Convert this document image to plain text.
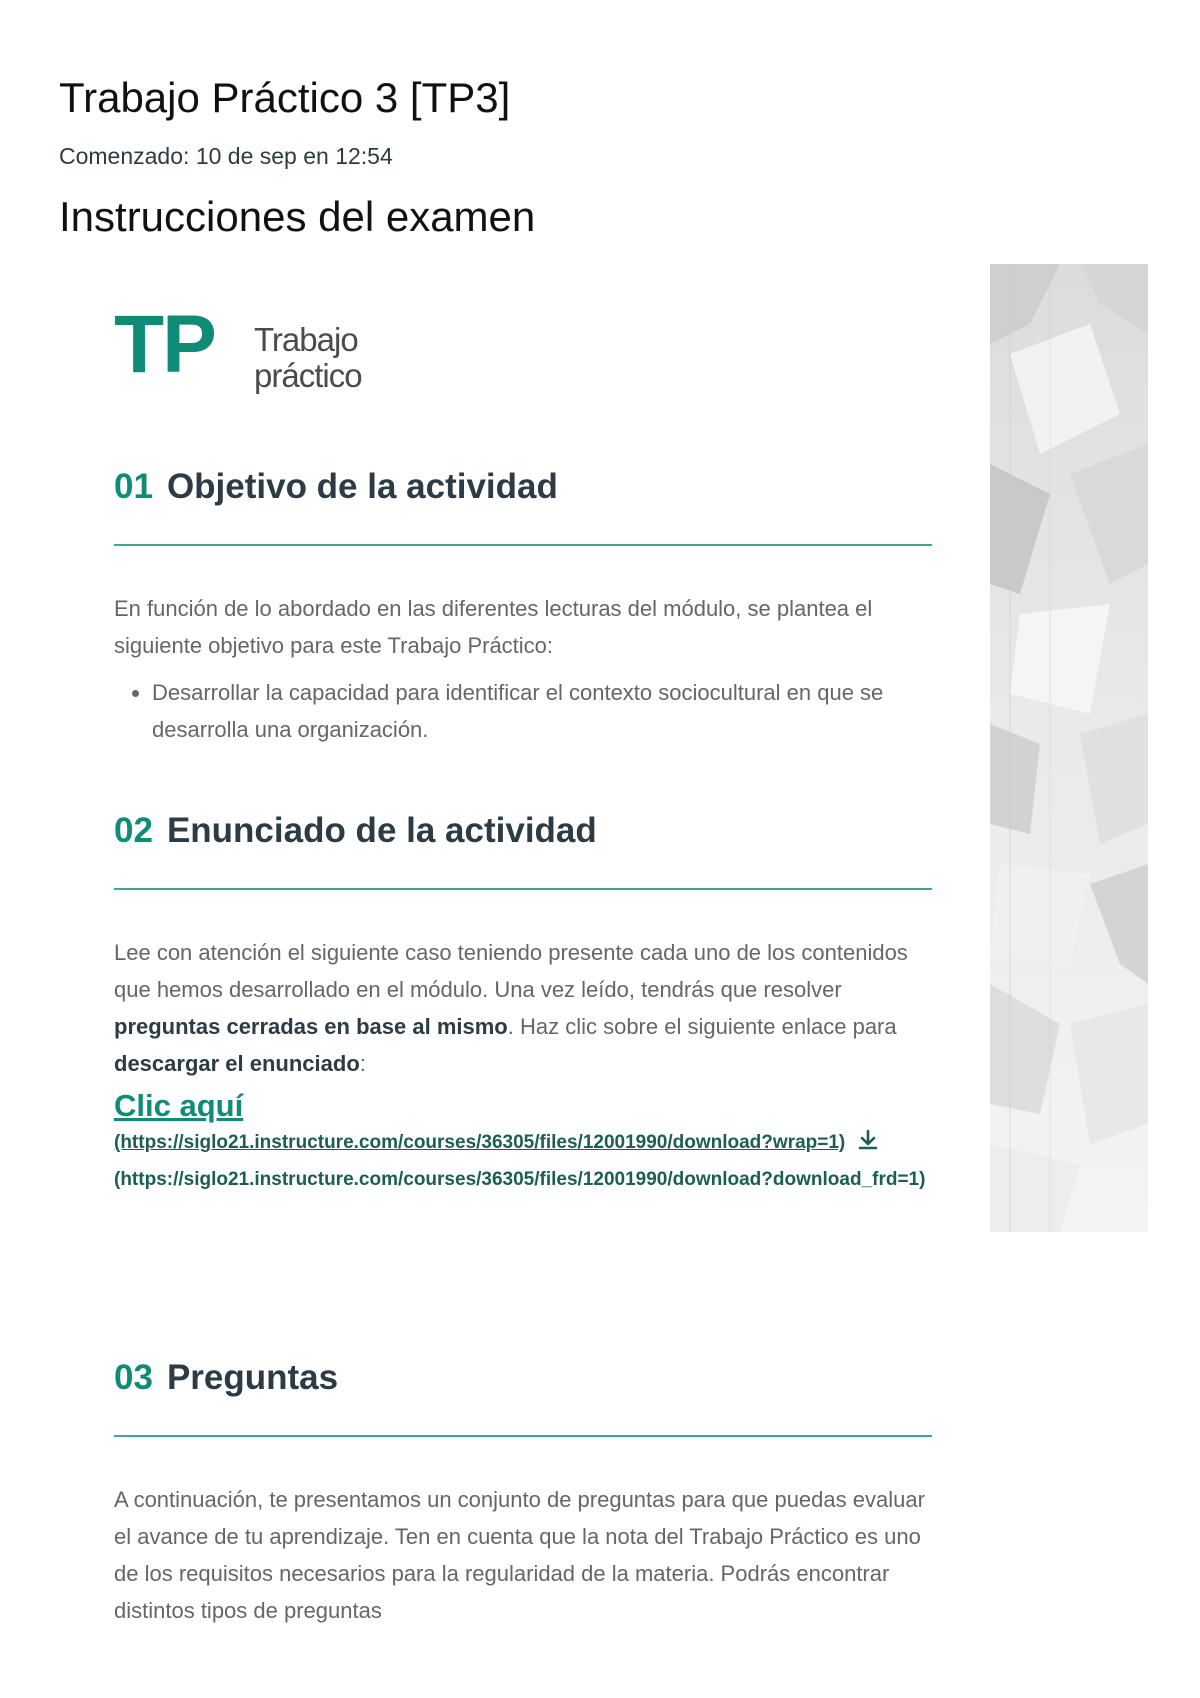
Trabajo Práctico 3 [TP3]
Comenzado: 10 de sep en 12:54
Instrucciones del examen
TP Trabajo
práctico
01 Objetivo de la actividad

En función de lo abordado en las diferentes lecturas del módulo, se plantea el siguiente objetivo para este Trabajo Práctico:

• Desarrollar la capacidad para identificar el contexto sociocultural en que se desarrolla una organización.
02 Enunciado de la actividad

Lee con atención el siguiente caso teniendo presente cada uno de los contenidos que hemos desarrollado en el módulo. Una vez leído, tendrás que resolver preguntas cerradas en base al mismo. Haz clic sobre el siguiente enlace para descargar el enunciado:

Clic aquí
(https://siglo21.instructure.com/courses/36305/files/12001990/download?wrap=1)
(https://siglo21.instructure.com/courses/36305/files/12001990/download?download_frd=1)
03 Preguntas

A continuación, te presentamos un conjunto de preguntas para que puedas evaluar el avance de tu aprendizaje. Ten en cuenta que la nota del Trabajo Práctico es uno de los requisitos necesarios para la regularidad de la materia. Podrás encontrar distintos tipos de preguntas
